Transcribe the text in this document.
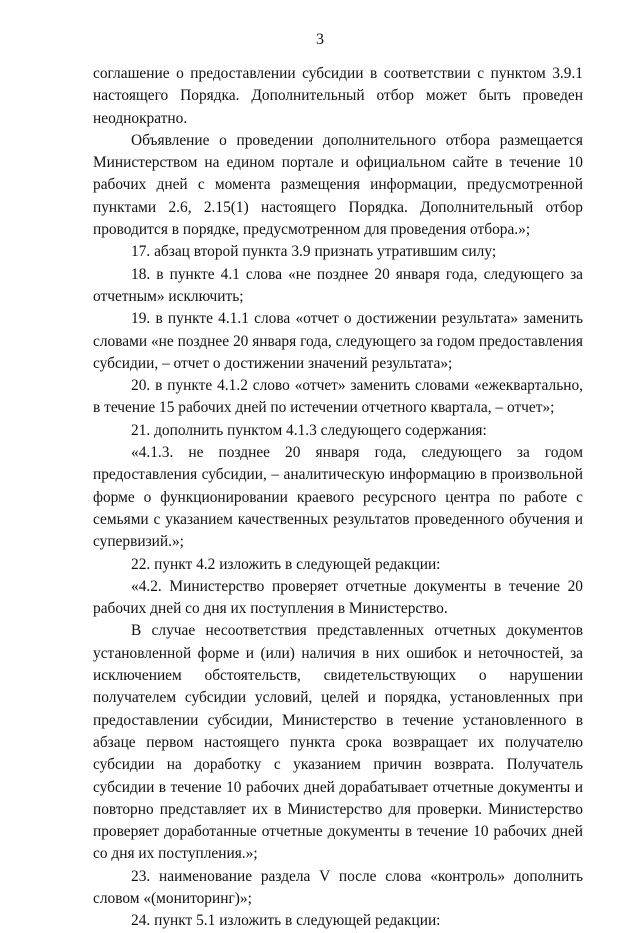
3

соглашение о предоставлении субсидии в соответствии с пунктом 3.9.1 настоящего Порядка. Дополнительный отбор может быть проведен неоднократно.

Объявление о проведении дополнительного отбора размещается Министерством на едином портале и официальном сайте в течение 10 рабочих дней с момента размещения информации, предусмотренной пунктами 2.6, 2.15(1) настоящего Порядка. Дополнительный отбор проводится в порядке, предусмотренном для проведения отбора.»;

17. абзац второй пункта 3.9 признать утратившим силу;

18. в пункте 4.1 слова «не позднее 20 января года, следующего за отчетным» исключить;

19. в пункте 4.1.1 слова «отчет о достижении результата» заменить словами «не позднее 20 января года, следующего за годом предоставления субсидии, – отчет о достижении значений результата»;

20. в пункте 4.1.2 слово «отчет» заменить словами «ежеквартально, в течение 15 рабочих дней по истечении отчетного квартала, – отчет»;

21. дополнить пунктом 4.1.3 следующего содержания:

«4.1.3. не позднее 20 января года, следующего за годом предоставления субсидии, – аналитическую информацию в произвольной форме о функционировании краевого ресурсного центра по работе с семьями с указанием качественных результатов проведенного обучения и супервизий.»;

22. пункт 4.2 изложить в следующей редакции:

«4.2. Министерство проверяет отчетные документы в течение 20 рабочих дней со дня их поступления в Министерство.

В случае несоответствия представленных отчетных документов установленной форме и (или) наличия в них ошибок и неточностей, за исключением обстоятельств, свидетельствующих о нарушении получателем субсидии условий, целей и порядка, установленных при предоставлении субсидии, Министерство в течение установленного в абзаце первом настоящего пункта срока возвращает их получателю субсидии на доработку с указанием причин возврата. Получатель субсидии в течение 10 рабочих дней дорабатывает отчетные документы и повторно представляет их в Министерство для проверки. Министерство проверяет доработанные отчетные документы в течение 10 рабочих дней со дня их поступления.»;

23. наименование раздела V после слова «контроль» дополнить словом «(мониторинг)»;

24. пункт 5.1 изложить в следующей редакции:
